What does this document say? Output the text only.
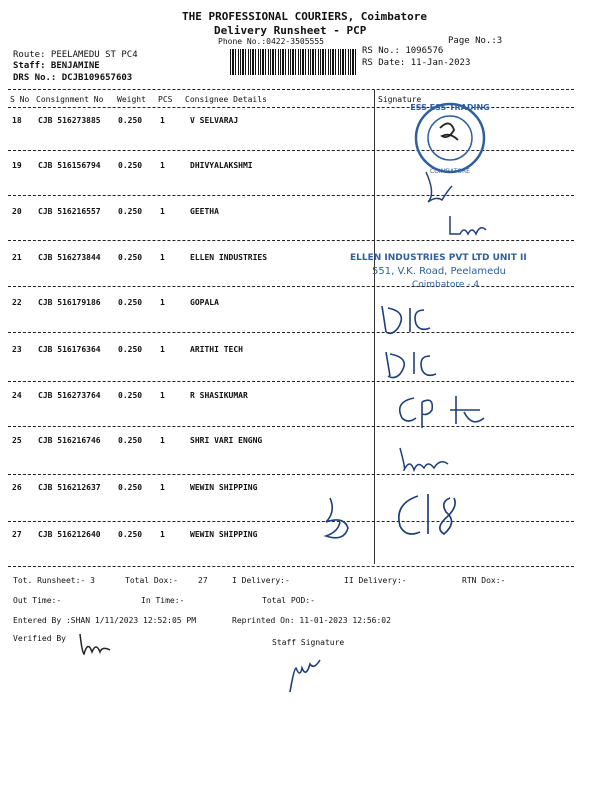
THE PROFESSIONAL COURIERS, Coimbatore
Delivery Runsheet - PCP
Phone No.:0422-3505555	Page No.:3
Route: PEELAMEDU ST PC4
Staff: BENJAMINE
DRS No.: DCJB109657603
RS No.: 1096576
RS Date: 11-Jan-2023
S No Consignment No Weight PCS Consignee Details	Signature
18 CJB 516273885 0.250 1	V SELVARAJ
19 CJB 516156794 0.250 1	DHIVYALAKSHMI
20 CJB 516216557 0.250 1	GEETHA
21 CJB 516273844 0.250 1	ELLEN INDUSTRIES
22 CJB 516179186 0.250 1	GOPALA
23 CJB 516176364 0.250 1	ARITHI TECH
24 CJB 516273764 0.250 1	R SHASIKUMAR
25 CJB 516216746 0.250 1	SHRI VARI ENGNG
26 CJB 516212637 0.250 1	WEWIN SHIPPING
27 CJB 516212640 0.250 1	WEWIN SHIPPING
ESS ESS TRADING
COIMBATORE
ELLEN INDUSTRIES PVT LTD UNIT II
551, V.K. Road, Peelamedu
Coimbatore - 4
Tot. Runsheet:- 3	Total Dox:-	27	I Delivery:-	II Delivery:-	RTN Dox:-
Out Time:-	In Time:-	Total POD:-
Entered By :SHAN 1/11/2023 12:52:05 PM	Reprinted On: 11-01-2023 12:56:02
Verified By	Staff Signature
